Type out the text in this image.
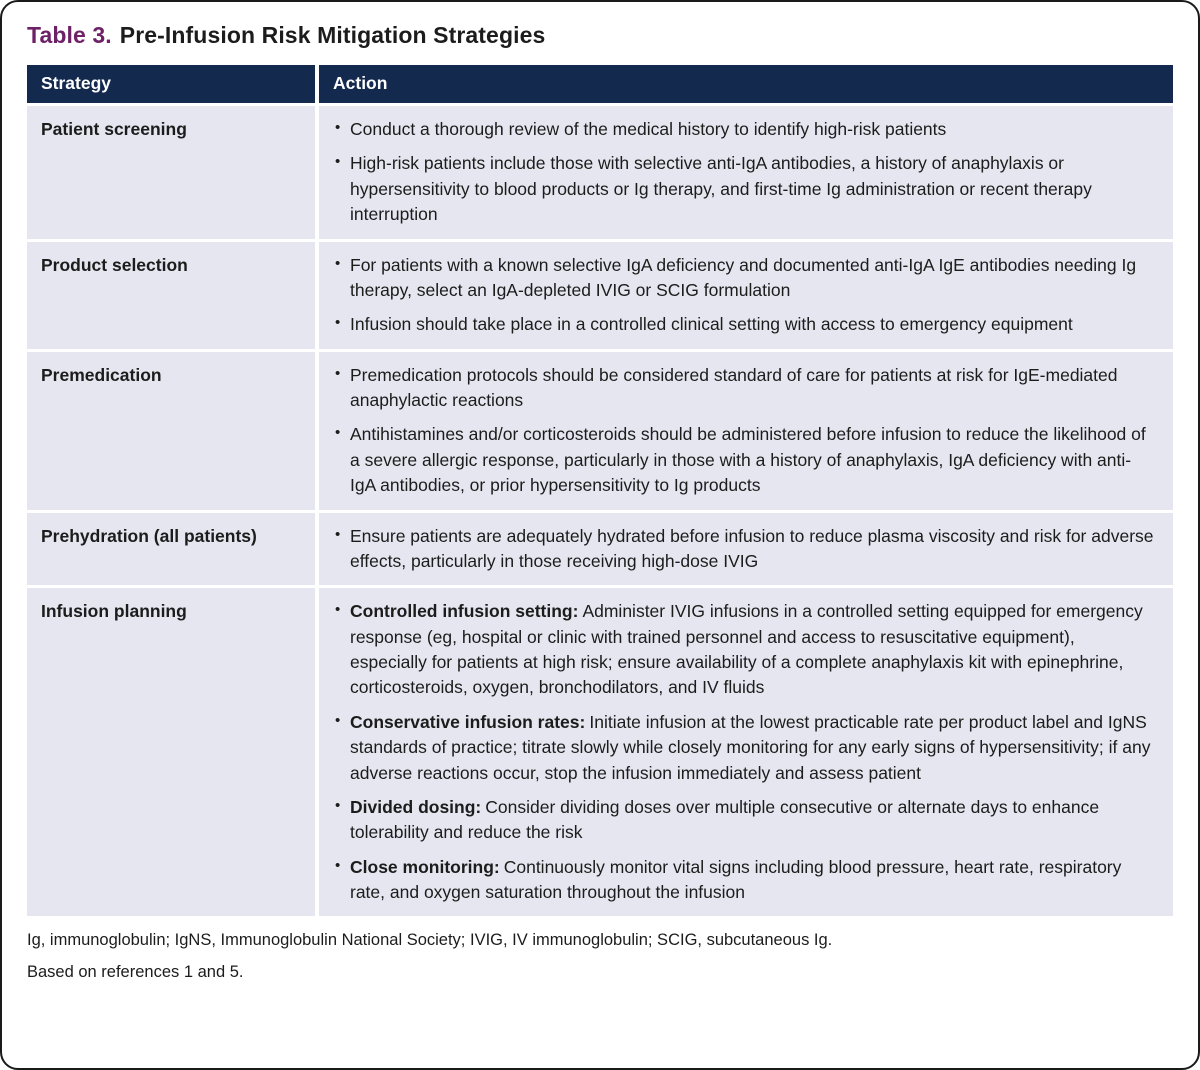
Table 3. Pre-Infusion Risk Mitigation Strategies
Strategy	Action
Patient screening	• Conduct a thorough review of the medical history to identify high-risk patients
• High-risk patients include those with selective anti-IgA antibodies, a history of anaphylaxis or hypersensitivity to blood products or Ig therapy, and first-time Ig administration or recent therapy interruption
Product selection	• For patients with a known selective IgA deficiency and documented anti-IgA IgE antibodies needing Ig therapy, select an IgA-depleted IVIG or SCIG formulation
• Infusion should take place in a controlled clinical setting with access to emergency equipment
Premedication	• Premedication protocols should be considered standard of care for patients at risk for IgE-mediated anaphylactic reactions
• Antihistamines and/or corticosteroids should be administered before infusion to reduce the likelihood of a severe allergic response, particularly in those with a history of anaphylaxis, IgA deficiency with anti-IgA antibodies, or prior hypersensitivity to Ig products
Prehydration (all patients)	• Ensure patients are adequately hydrated before infusion to reduce plasma viscosity and risk for adverse effects, particularly in those receiving high-dose IVIG
Infusion planning	• Controlled infusion setting: Administer IVIG infusions in a controlled setting equipped for emergency response (eg, hospital or clinic with trained personnel and access to resuscitative equipment), especially for patients at high risk; ensure availability of a complete anaphylaxis kit with epinephrine, corticosteroids, oxygen, bronchodilators, and IV fluids
• Conservative infusion rates: Initiate infusion at the lowest practicable rate per product label and IgNS standards of practice; titrate slowly while closely monitoring for any early signs of hypersensitivity; if any adverse reactions occur, stop the infusion immediately and assess patient
• Divided dosing: Consider dividing doses over multiple consecutive or alternate days to enhance tolerability and reduce the risk
• Close monitoring: Continuously monitor vital signs including blood pressure, heart rate, respiratory rate, and oxygen saturation throughout the infusion
Ig, immunoglobulin; IgNS, Immunoglobulin National Society; IVIG, IV immunoglobulin; SCIG, subcutaneous Ig.
Based on references 1 and 5.
